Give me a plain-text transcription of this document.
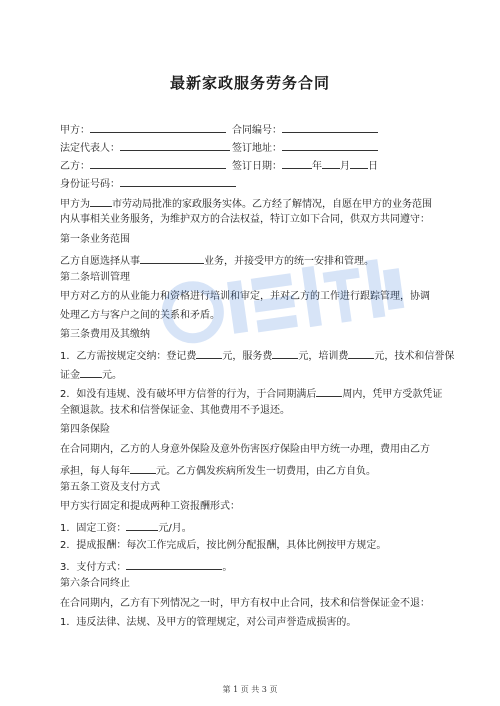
最新家政服务劳务合同
甲方：	合同编号：
法定代表人：	签订地址：
乙方：	签订日期：	年 月 日
身份证号码：
甲方为 市劳动局批准的家政服务实体。乙方经了解情况，自愿在甲方的业务范围
内从事相关业务服务，为维护双方的合法权益，特订立如下合同，供双方共同遵守：
第一条业务范围
乙方自愿选择从事	业务，并接受甲方的统一安排和管理。
第二条培训管理
甲方对乙方的从业能力和资格进行培训和审定，并对乙方的工作进行跟踪管理，协调
处理乙方与客户之间的关系和矛盾。
第三条费用及其缴纳
1．乙方需按规定交纳：登记费	元，服务费	元，培训费	元，技术和信誉保
证金 元。
2．如没有违规、没有破坏甲方信誉的行为，于合同期满后	周内，凭甲方受款凭证
全额退款。技术和信誉保证金、其他费用不予退还。
第四条保险
在合同期内，乙方的人身意外保险及意外伤害医疗保险由甲方统一办理，费用由乙方
承担，每人每年	元。乙方偶发疾病所发生一切费用，由乙方自负。
第五条工资及支付方式
甲方实行固定和提成两种工资报酬形式：
1．固定工资：	元/月。
2．提成报酬：每次工作完成后，按比例分配报酬，具体比例按甲方规定。
3．支付方式：	。
第六条合同终止
在合同期内，乙方有下列情况之一时，甲方有权中止合同，技术和信誉保证金不退：
1．违反法律、法规、及甲方的管理规定，对公司声誉造成损害的。
第 1 页 共 3 页
